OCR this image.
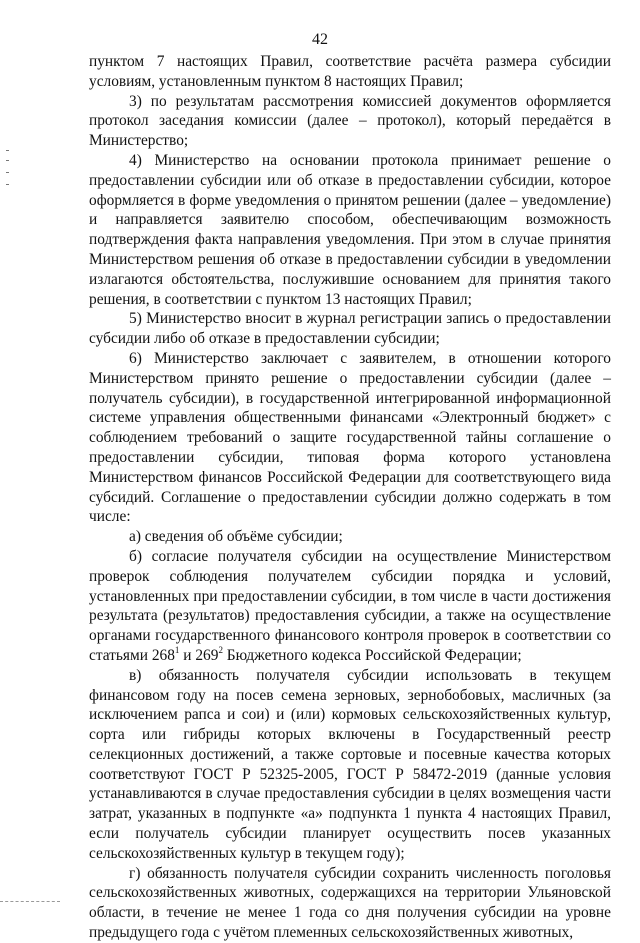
42

пунктом 7 настоящих Правил, соответствие расчёта размера субсидии условиям, установленным пунктом 8 настоящих Правил;

3) по результатам рассмотрения комиссией документов оформляется протокол заседания комиссии (далее – протокол), который передаётся в Министерство;

4) Министерство на основании протокола принимает решение о предоставлении субсидии или об отказе в предоставлении субсидии, которое оформляется в форме уведомления о принятом решении (далее – уведомление) и направляется заявителю способом, обеспечивающим возможность подтверждения факта направления уведомления. При этом в случае принятия Министерством решения об отказе в предоставлении субсидии в уведомлении излагаются обстоятельства, послужившие основанием для принятия такого решения, в соответствии с пунктом 13 настоящих Правил;

5) Министерство вносит в журнал регистрации запись о предоставлении субсидии либо об отказе в предоставлении субсидии;

6) Министерство заключает с заявителем, в отношении которого Министерством принято решение о предоставлении субсидии (далее – получатель субсидии), в государственной интегрированной информационной системе управления общественными финансами «Электронный бюджет» с соблюдением требований о защите государственной тайны соглашение о предоставлении субсидии, типовая форма которого установлена Министерством финансов Российской Федерации для соответствующего вида субсидий. Соглашение о предоставлении субсидии должно содержать в том числе:

а) сведения об объёме субсидии;

б) согласие получателя субсидии на осуществление Министерством проверок соблюдения получателем субсидии порядка и условий, установленных при предоставлении субсидии, в том числе в части достижения результата (результатов) предоставления субсидии, а также на осуществление органами государственного финансового контроля проверок в соответствии со статьями $268^1$ и $269^2$ Бюджетного кодекса Российской Федерации;

в) обязанность получателя субсидии использовать в текущем финансовом году на посев семена зерновых, зернобобовых, масличных (за исключением рапса и сои) и (или) кормовых сельскохозяйственных культур, сорта или гибриды которых включены в Государственный реестр селекционных достижений, а также сортовые и посевные качества которых соответствуют ГОСТ Р 52325-2005, ГОСТ Р 58472-2019 (данные условия устанавливаются в случае предоставления субсидии в целях возмещения части затрат, указанных в подпункте «а» подпункта 1 пункта 4 настоящих Правил, если получатель субсидии планирует осуществить посев указанных сельскохозяйственных культур в текущем году);

г) обязанность получателя субсидии сохранить численность поголовья сельскохозяйственных животных, содержащихся на территории Ульяновской области, в течение не менее 1 года со дня получения субсидии на уровне предыдущего года с учётом племенных сельскохозяйственных животных,
